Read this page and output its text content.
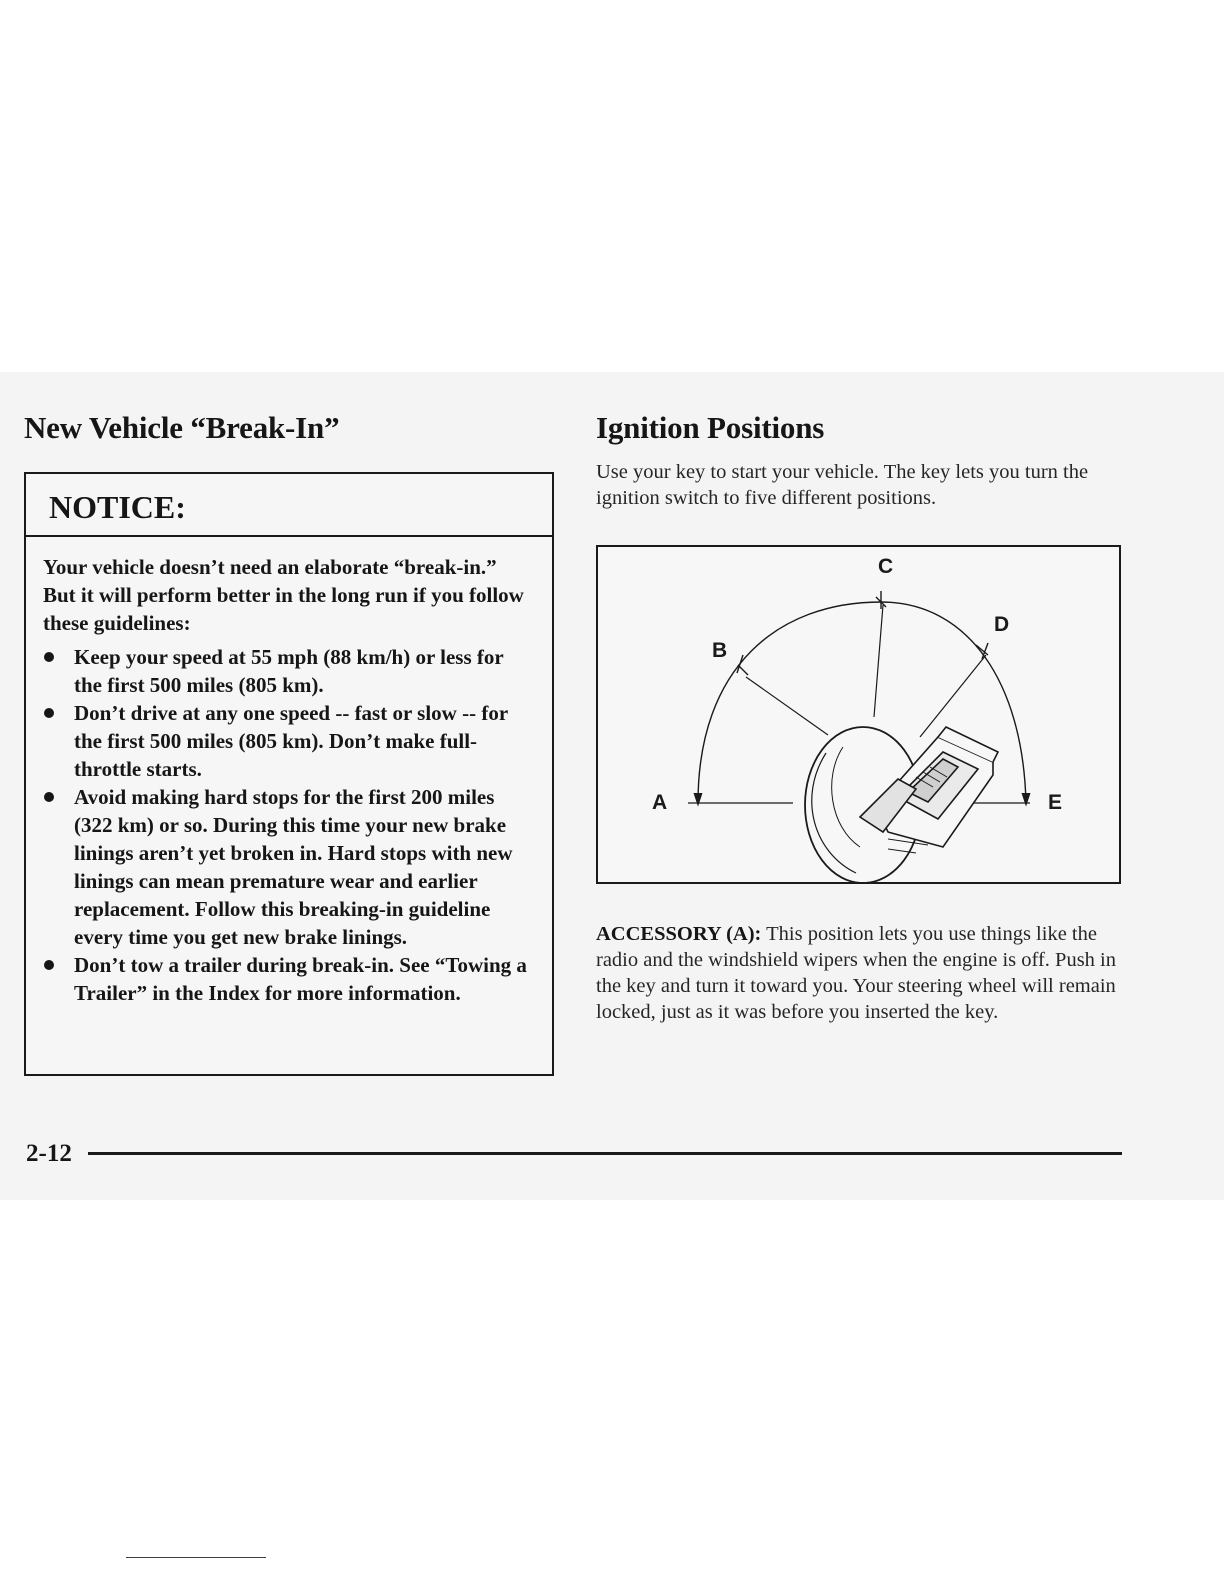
New Vehicle “Break-In”
NOTICE:

Your vehicle doesn’t need an elaborate “break-in.” But it will perform better in the long run if you follow these guidelines:

Keep your speed at 55 mph (88 km/h) or less for the first 500 miles (805 km).
Don’t drive at any one speed -- fast or slow -- for the first 500 miles (805 km). Don’t make full-throttle starts.
Avoid making hard stops for the first 200 miles (322 km) or so. During this time your new brake linings aren’t yet broken in. Hard stops with new linings can mean premature wear and earlier replacement. Follow this breaking-in guideline every time you get new brake linings.
Don’t tow a trailer during break-in. See “Towing a Trailer” in the Index for more information.
Ignition Positions

Use your key to start your vehicle. The key lets you turn the ignition switch to five different positions.

A
B
C
D
E

ACCESSORY (A): This position lets you use things like the radio and the windshield wipers when the engine is off. Push in the key and turn it toward you. Your steering wheel will remain locked, just as it was before you inserted the key.

2-12
